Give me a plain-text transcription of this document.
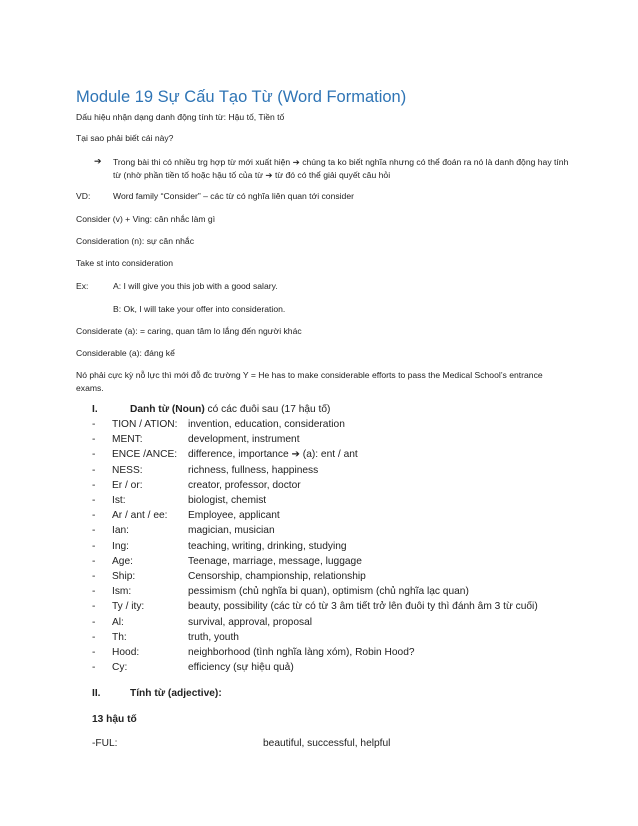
Module 19 Sự Cấu Tạo Từ (Word Formation)
Dấu hiệu nhận dạng danh động tính từ: Hậu tố, Tiền tố
Tại sao phải biết cái này?
➔ Trong bài thi có nhiều trg hợp từ mới xuất hiện ➔ chúng ta ko biết nghĩa nhưng có thể đoán ra nó là danh động hay tính từ (nhờ phần tiền tố hoặc hậu tố của từ ➔ từ đó có thể giải quyết câu hỏi
VD:	Word family “Consider” – các từ có nghĩa liên quan tới consider
Consider (v) + Ving: cân nhắc làm gì
Consideration (n): sự cân nhắc
Take st into consideration
Ex:	A: I will give you this job with a good salary.
B: Ok, I will take your offer into consideration.
Considerate (a): = caring, quan tâm lo lắng đến người khác
Considerable (a): đáng kể
Nó phải cực kỳ nỗ lực thì mới đỗ đc trường Y = He has to make considerable efforts to pass the Medical School’s entrance exams.
I.	Danh từ (Noun) có các đuôi sau (17 hậu tố)
- TION / ATION: invention, education, consideration
- MENT:	development, instrument
- ENCE /ANCE: difference, importance ➔ (a): ent / ant
- NESS:	richness, fullness, happiness
- Er / or:	creator, professor, doctor
- Ist:	biologist, chemist
- Ar / ant / ee: Employee, applicant
- Ian:	magician, musician
- Ing:	teaching, writing, drinking, studying
- Age:	Teenage, marriage, message, luggage
- Ship:	Censorship, championship, relationship
- Ism:	pessimism (chủ nghĩa bi quan), optimism (chủ nghĩa lạc quan)
- Ty / ity:	beauty, possibility (các từ có từ 3 âm tiết trở lên đuôi ty thì đánh âm 3 từ cuối)
- Al:	survival, approval, proposal
- Th:	truth, youth
- Hood:	neighborhood (tình nghĩa làng xóm), Robin Hood?
- Cy:	efficiency (sự hiệu quả)
II.	Tính từ (adjective):
13 hậu tố
-FUL:	beautiful, successful, helpful
